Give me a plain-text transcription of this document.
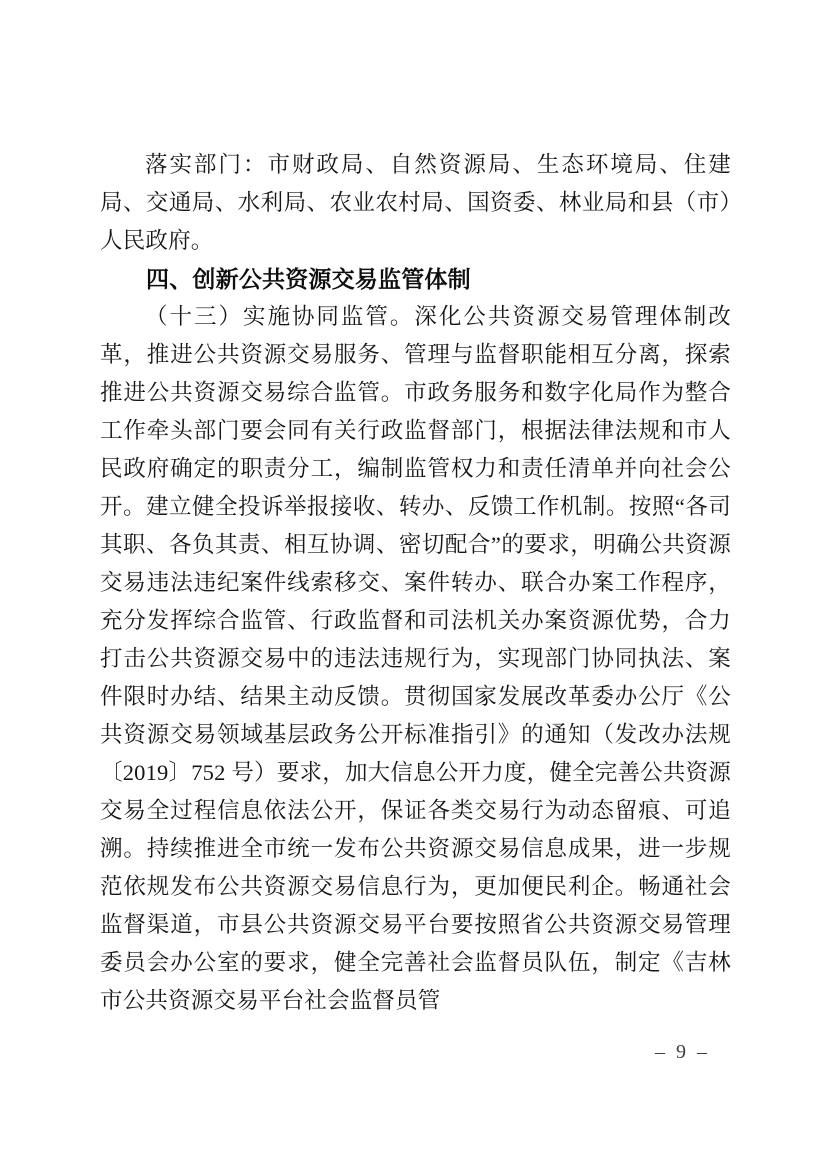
落实部门：市财政局、自然资源局、生态环境局、住建局、交通局、水利局、农业农村局、国资委、林业局和县（市）人民政府。

四、创新公共资源交易监管体制

（十三）实施协同监管。深化公共资源交易管理体制改革，推进公共资源交易服务、管理与监督职能相互分离，探索推进公共资源交易综合监管。市政务服务和数字化局作为整合工作牵头部门要会同有关行政监督部门，根据法律法规和市人民政府确定的职责分工，编制监管权力和责任清单并向社会公开。建立健全投诉举报接收、转办、反馈工作机制。按照“各司其职、各负其责、相互协调、密切配合”的要求，明确公共资源交易违法违纪案件线索移交、案件转办、联合办案工作程序，充分发挥综合监管、行政监督和司法机关办案资源优势，合力打击公共资源交易中的违法违规行为，实现部门协同执法、案件限时办结、结果主动反馈。贯彻国家发展改革委办公厅《公共资源交易领域基层政务公开标准指引》的通知（发改办法规〔2019〕752 号）要求，加大信息公开力度，健全完善公共资源交易全过程信息依法公开，保证各类交易行为动态留痕、可追溯。持续推进全市统一发布公共资源交易信息成果，进一步规范依规发布公共资源交易信息行为，更加便民利企。畅通社会监督渠道，市县公共资源交易平台要按照省公共资源交易管理委员会办公室的要求，健全完善社会监督员队伍，制定《吉林市公共资源交易平台社会监督员管

– 9 –
